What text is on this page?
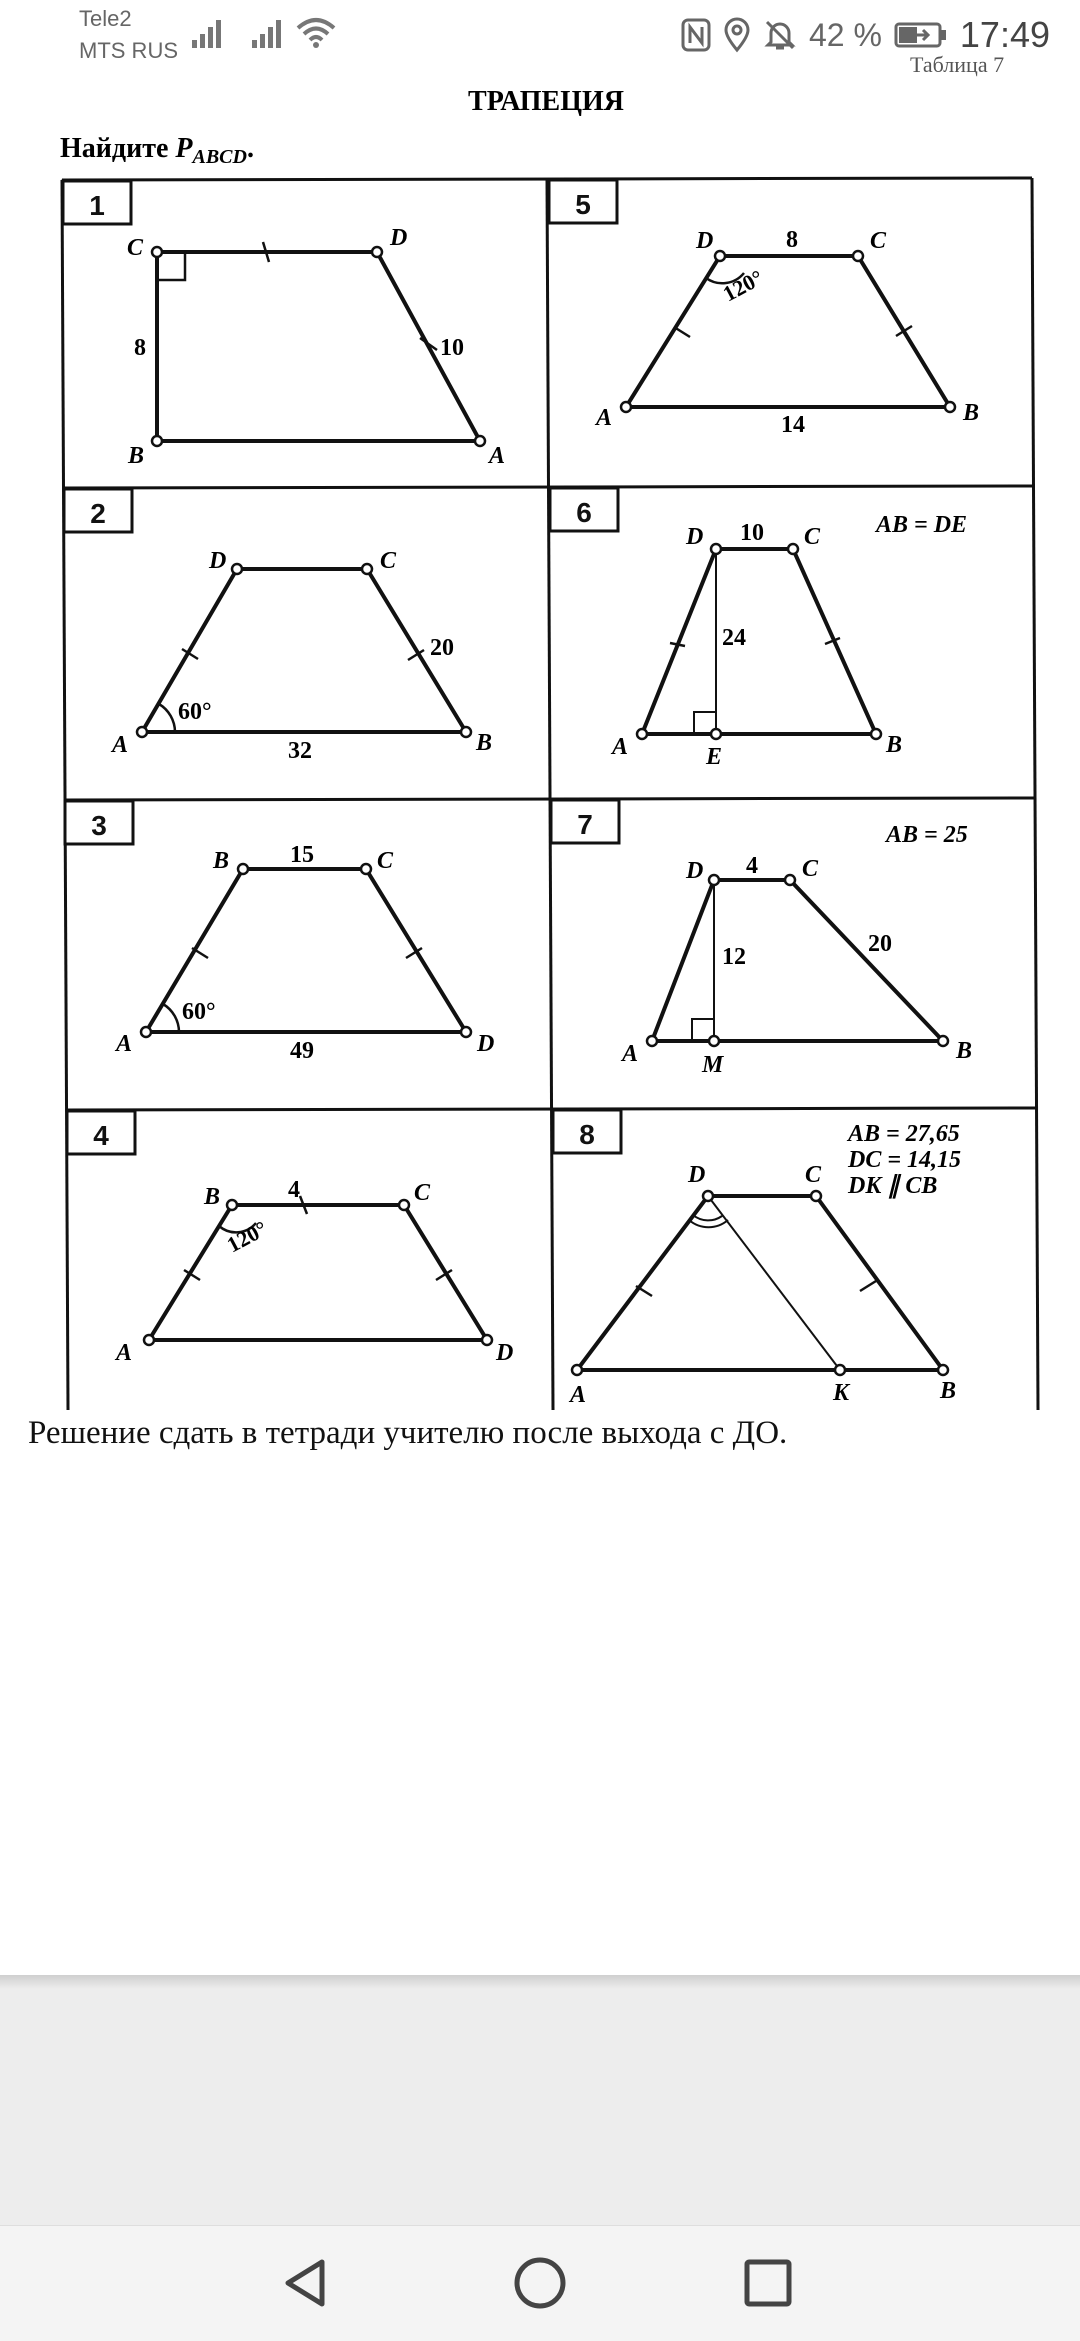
Tele2
MTS RUS	42 % 17:49
Таблица 7
ТРАПЕЦИЯ
Найдите $P_{ABCD}$.
1	5
2	6
3	7
4	8
C	D
B	A
8	10
D	C
A	B
8
14
120°
D	C
A	B
60°
20
32
D	C
A	E	B
AB = DE
10
24
B	C
A	D
60°
15
49
D	C
A	M
B
AB = 25
4
12	20
B	C
A	D
4
120°
D	C
A	K	B
AB = 27,65
DC = 14,15
DK ∥ CB
Решение сдать в тетради учителю после выхода с ДО.
